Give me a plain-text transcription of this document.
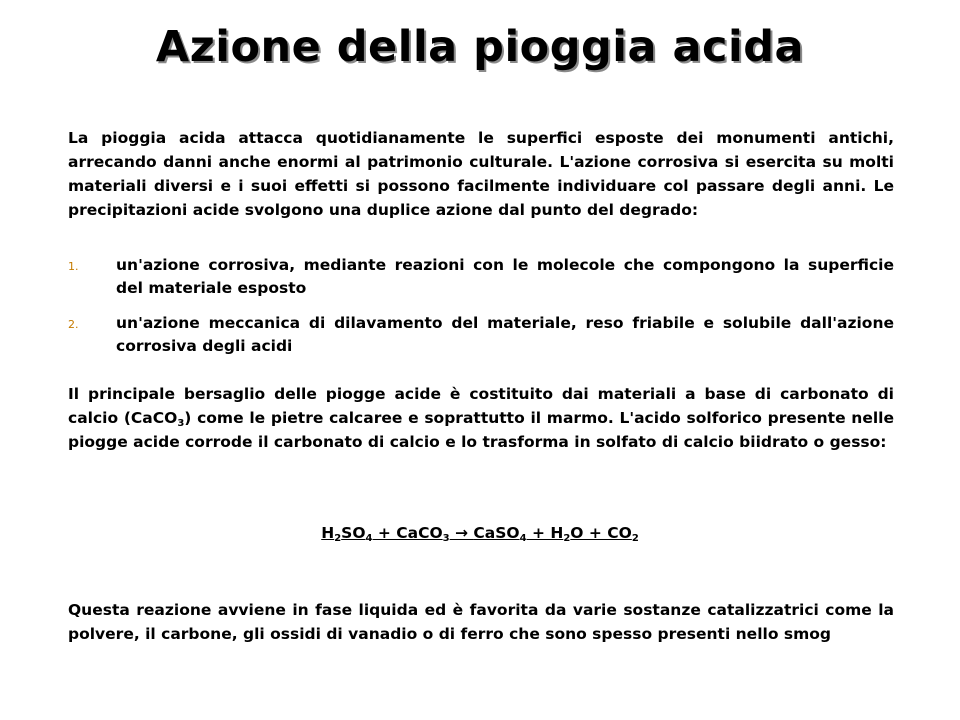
Azione della pioggia acida

La pioggia acida attacca quotidianamente le superfici esposte dei monumenti antichi, arrecando danni anche enormi al patrimonio culturale. L'azione corrosiva si esercita su molti materiali diversi e i suoi effetti si possono facilmente individuare col passare degli anni. Le precipitazioni acide svolgono una duplice azione dal punto del degrado:

1. un'azione corrosiva, mediante reazioni con le molecole che compongono la superficie del materiale esposto
2. un'azione meccanica di dilavamento del materiale, reso friabile e solubile dall'azione corrosiva degli acidi

Il principale bersaglio delle piogge acide è costituito dai materiali a base di carbonato di calcio (CaCO$_3$) come le pietre calcaree e soprattutto il marmo. L'acido solforico presente nelle piogge acide corrode il carbonato di calcio e lo trasforma in solfato di calcio biidrato o gesso:

$H_2SO_4$ + CaCO$_3$ → CaSO$_4$ + $H_2O + CO_2$

Questa reazione avviene in fase liquida ed è favorita da varie sostanze catalizzatrici come la polvere, il carbone, gli ossidi di vanadio o di ferro che sono spesso presenti nello smog
